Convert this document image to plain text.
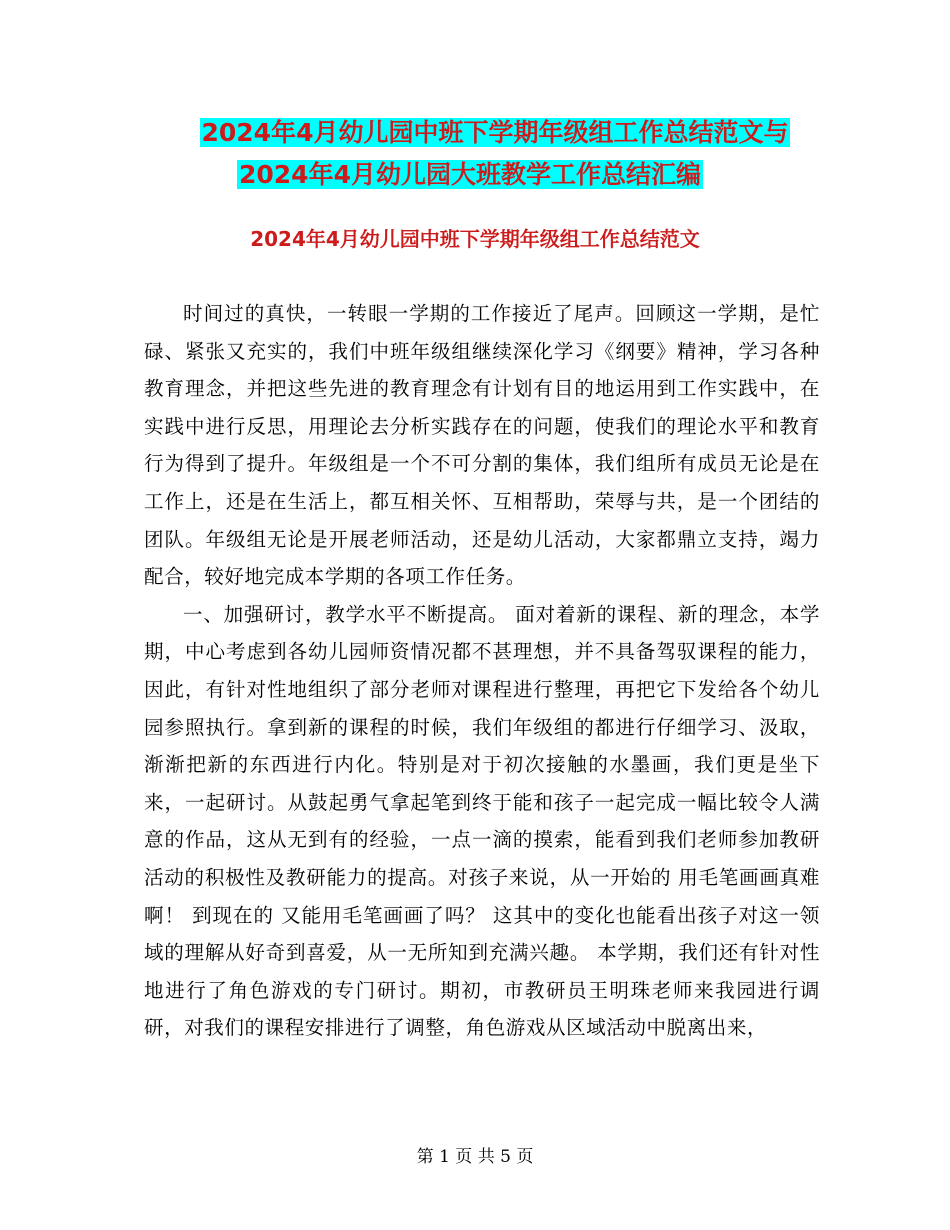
2024年4月幼儿园中班下学期年级组工作总结范文与
2024年4月幼儿园大班教学工作总结汇编
2024年4月幼儿园中班下学期年级组工作总结范文

时间过的真快，一转眼一学期的工作接近了尾声。回顾这一学期，是忙碌、紧张又充实的，我们中班年级组继续深化学习《纲要》精神，学习各种教育理念，并把这些先进的教育理念有计划有目的地运用到工作实践中，在实践中进行反思，用理论去分析实践存在的问题，使我们的理论水平和教育行为得到了提升。年级组是一个不可分割的集体，我们组所有成员无论是在工作上，还是在生活上，都互相关怀、互相帮助，荣辱与共，是一个团结的团队。年级组无论是开展老师活动，还是幼儿活动，大家都鼎立支持，竭力配合，较好地完成本学期的各项工作任务。

一、加强研讨，教学水平不断提高。 面对着新的课程、新的理念，本学期，中心考虑到各幼儿园师资情况都不甚理想，并不具备驾驭课程的能力，因此，有针对性地组织了部分老师对课程进行整理，再把它下发给各个幼儿园参照执行。拿到新的课程的时候，我们年级组的都进行仔细学习、汲取，渐渐把新的东西进行内化。特别是对于初次接触的水墨画，我们更是坐下来，一起研讨。从鼓起勇气拿起笔到终于能和孩子一起完成一幅比较令人满意的作品，这从无到有的经验，一点一滴的摸索，能看到我们老师参加教研活动的积极性及教研能力的提高。对孩子来说，从一开始的 用毛笔画画真难啊！ 到现在的 又能用毛笔画画了吗？ 这其中的变化也能看出孩子对这一领域的理解从好奇到喜爱，从一无所知到充满兴趣。 本学期，我们还有针对性地进行了角色游戏的专门研讨。期初，市教研员王明珠老师来我园进行调研，对我们的课程安排进行了调整，角色游戏从区域活动中脱离出来，

第 1 页 共 5 页
